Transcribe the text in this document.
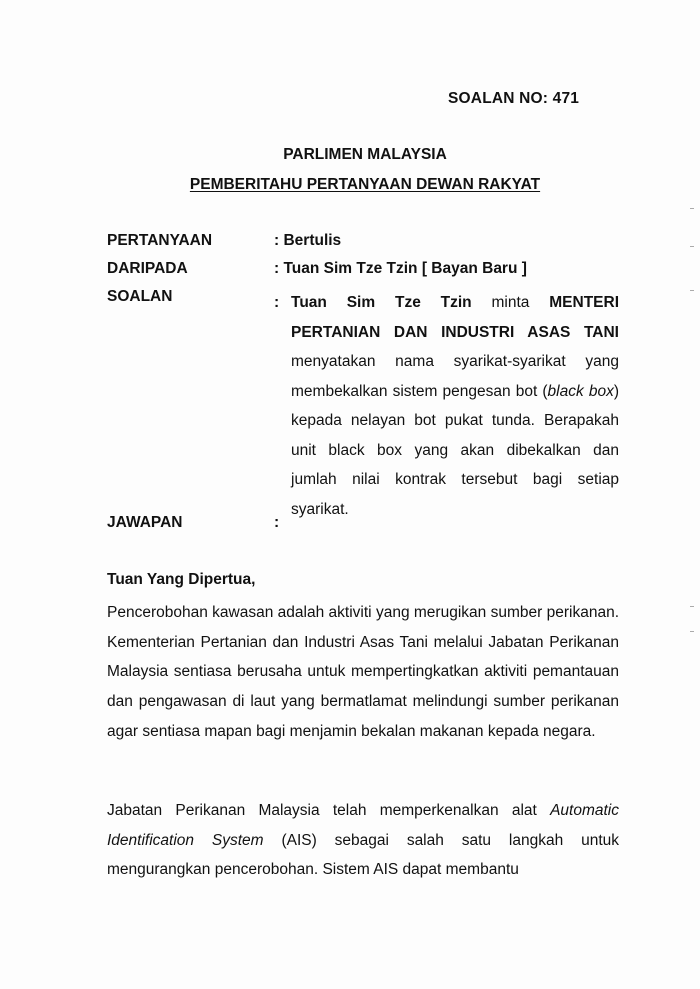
SOALAN NO: 471
PARLIMEN MALAYSIA
PEMBERITAHU PERTANYAAN DEWAN RAKYAT
PERTANYAAN	: Bertulis
DARIPADA	: Tuan Sim Tze Tzin [ Bayan Baru ]
SOALAN	: Tuan Sim Tze Tzin minta MENTERI PERTANIAN DAN INDUSTRI ASAS TANI menyatakan nama syarikat-syarikat yang membekalkan sistem pengesan bot (black box) kepada nelayan bot pukat tunda. Berapakah unit black box yang akan dibekalkan dan jumlah nilai kontrak tersebut bagi setiap syarikat.
JAWAPAN	:
Tuan Yang Dipertua,
Pencerobohan kawasan adalah aktiviti yang merugikan sumber perikanan. Kementerian Pertanian dan Industri Asas Tani melalui Jabatan Perikanan Malaysia sentiasa berusaha untuk mempertingkatkan aktiviti pemantauan dan pengawasan di laut yang bermatlamat melindungi sumber perikanan agar sentiasa mapan bagi menjamin bekalan makanan kepada negara.
Jabatan Perikanan Malaysia telah memperkenalkan alat Automatic Identification System (AIS) sebagai salah satu langkah untuk mengurangkan pencerobohan. Sistem AIS dapat membantu
